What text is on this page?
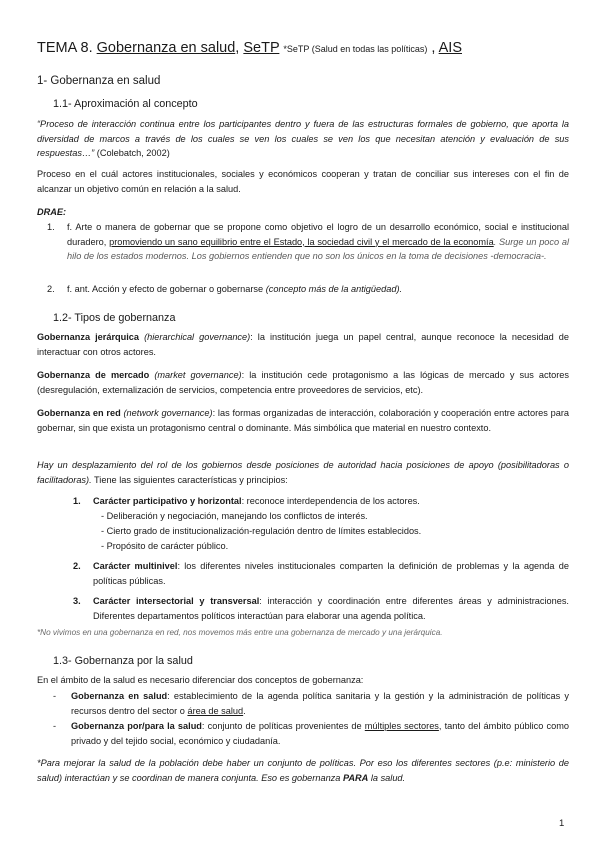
TEMA 8. Gobernanza en salud, SeTP *SeTP (Salud en todas las políticas) , AIS
1- Gobernanza en salud
1.1- Aproximación al concepto
“Proceso de interacción continua entre los participantes dentro y fuera de las estructuras formales de gobierno, que aporta la diversidad de marcos a través de los cuales se ven los cuales se ven los que necesitan atención y evaluación de sus respuestas…” (Colebatch, 2002)
Proceso en el cuál actores institucionales, sociales y económicos cooperan y tratan de conciliar sus intereses con el fin de alcanzar un objetivo común en relación a la salud.
DRAE:
1.	f. Arte o manera de gobernar que se propone como objetivo el logro de un desarrollo económico, social e institucional duradero, promoviendo un sano equilibrio entre el Estado, la sociedad civil y el mercado de la economía. Surge un poco al hilo de los estados modernos. Los gobiernos entienden que no son los únicos en la toma de decisiones -democracia-.
2.	f. ant. Acción y efecto de gobernar o gobernarse (concepto más de la antigüedad).
1.2- Tipos de gobernanza
Gobernanza jerárquica (hierarchical governance): la institución juega un papel central, aunque reconoce la necesidad de interactuar con otros actores.
Gobernanza de mercado (market governance): la institución cede protagonismo a las lógicas de mercado y sus actores (desregulación, externalización de servicios, competencia entre proveedores de servicios, etc).
Gobernanza en red (network governance): las formas organizadas de interacción, colaboración y cooperación entre actores para gobernar, sin que exista un protagonismo central o dominante. Más simbólica que material en nuestro contexto.
Hay un desplazamiento del rol de los gobiernos desde posiciones de autoridad hacia posiciones de apoyo (posibilitadoras o facilitadoras). Tiene las siguientes características y principios:
1.	Carácter participativo y horizontal: reconoce interdependencia de los actores.
- Deliberación y negociación, manejando los conflictos de interés.
- Cierto grado de institucionalización-regulación dentro de límites establecidos.
- Propósito de carácter público.
2.	Carácter multinivel: los diferentes niveles institucionales comparten la definición de problemas y la agenda de políticas públicas.
3.	Carácter intersectorial y transversal: interacción y coordinación entre diferentes áreas y administraciones. Diferentes departamentos políticos interactúan para elaborar una agenda política.
*No vivimos en una gobernanza en red, nos movemos más entre una gobernanza de mercado y una jerárquica.
1.3- Gobernanza por la salud
En el ámbito de la salud es necesario diferenciar dos conceptos de gobernanza:
-	Gobernanza en salud: establecimiento de la agenda política sanitaria y la gestión y la administración de políticas y recursos dentro del sector o área de salud.
-	Gobernanza por/para la salud: conjunto de políticas provenientes de múltiples sectores, tanto del ámbito público como privado y del tejido social, económico y ciudadanía.
*Para mejorar la salud de la población debe haber un conjunto de políticas. Por eso los diferentes sectores (p.e: ministerio de salud) interactúan y se coordinan de manera conjunta. Eso es gobernanza PARA la salud.
1
